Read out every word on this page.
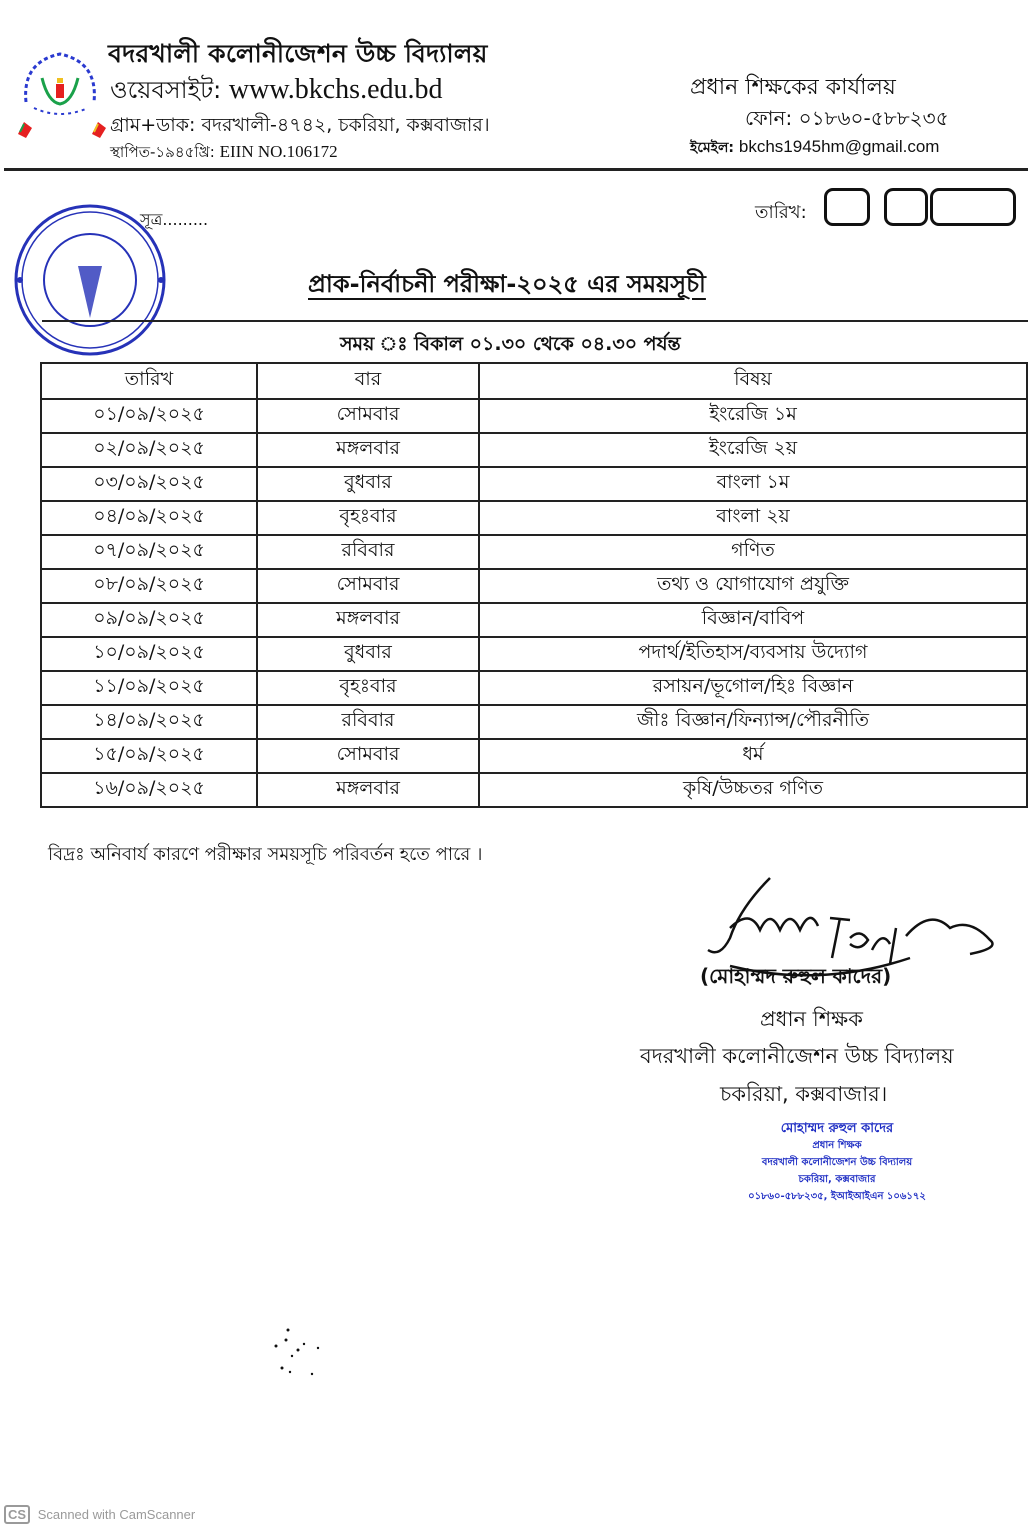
বদরখালী কলোনীজেশন উচ্চ বিদ্যালয়
ওয়েবসাইট: www.bkchs.edu.bd
গ্রাম+ডাক: বদরখালী-৪৭৪২, চকরিয়া, কক্সবাজার।
স্থাপিত-১৯৪৫খ্রি: EIIN NO.106172
প্রধান শিক্ষকের কার্যালয়
ফোন: ০১৮৬০-৫৮৮২৩৫
ইমেইল: bkchs1945hm@gmail.com
সূত্র.........	তারিখ:
প্রাক-নির্বাচনী পরীক্ষা-২০২৫ এর সময়সূচী
সময় ঃ বিকাল ০১.৩০ থেকে ০৪.৩০ পর্যন্ত
তারিখ	বার	বিষয়
০১/০৯/২০২৫	সোমবার	ইংরেজি ১ম
০২/০৯/২০২৫	মঙ্গলবার	ইংরেজি ২য়
০৩/০৯/২০২৫	বুধবার	বাংলা ১ম
০৪/০৯/২০২৫	বৃহঃবার	বাংলা ২য়
০৭/০৯/২০২৫	রবিবার	গণিত
০৮/০৯/২০২৫	সোমবার	তথ্য ও যোগাযোগ প্রযুক্তি
০৯/০৯/২০২৫	মঙ্গলবার	বিজ্ঞান/বাবিপ
১০/০৯/২০২৫	বুধবার	পদার্থ/ইতিহাস/ব্যবসায় উদ্যোগ
১১/০৯/২০২৫	বৃহঃবার	রসায়ন/ভূগোল/হিঃ বিজ্ঞান
১৪/০৯/২০২৫	রবিবার	জীঃ বিজ্ঞান/ফিন্যান্স/পৌরনীতি
১৫/০৯/২০২৫	সোমবার	ধর্ম
১৬/০৯/২০২৫	মঙ্গলবার	কৃষি/উচ্চতর গণিত
বিদ্রঃ অনিবার্য কারণে পরীক্ষার সময়সূচি পরিবর্তন হতে পারে ।
(মোহাম্মদ রুহুল কাদের)
প্রধান শিক্ষক
বদরখালী কলোনীজেশন উচ্চ বিদ্যালয়
চকরিয়া, কক্সবাজার।
মোহাম্মদ রুহুল কাদের
প্রধান শিক্ষক
বদরখালী কলোনীজেশন উচ্চ বিদ্যালয়
চকরিয়া, কক্সবাজার
০১৮৬০-৫৮৮২৩৫, ইআইআইএন ১০৬১৭২
CS Scanned with CamScanner
